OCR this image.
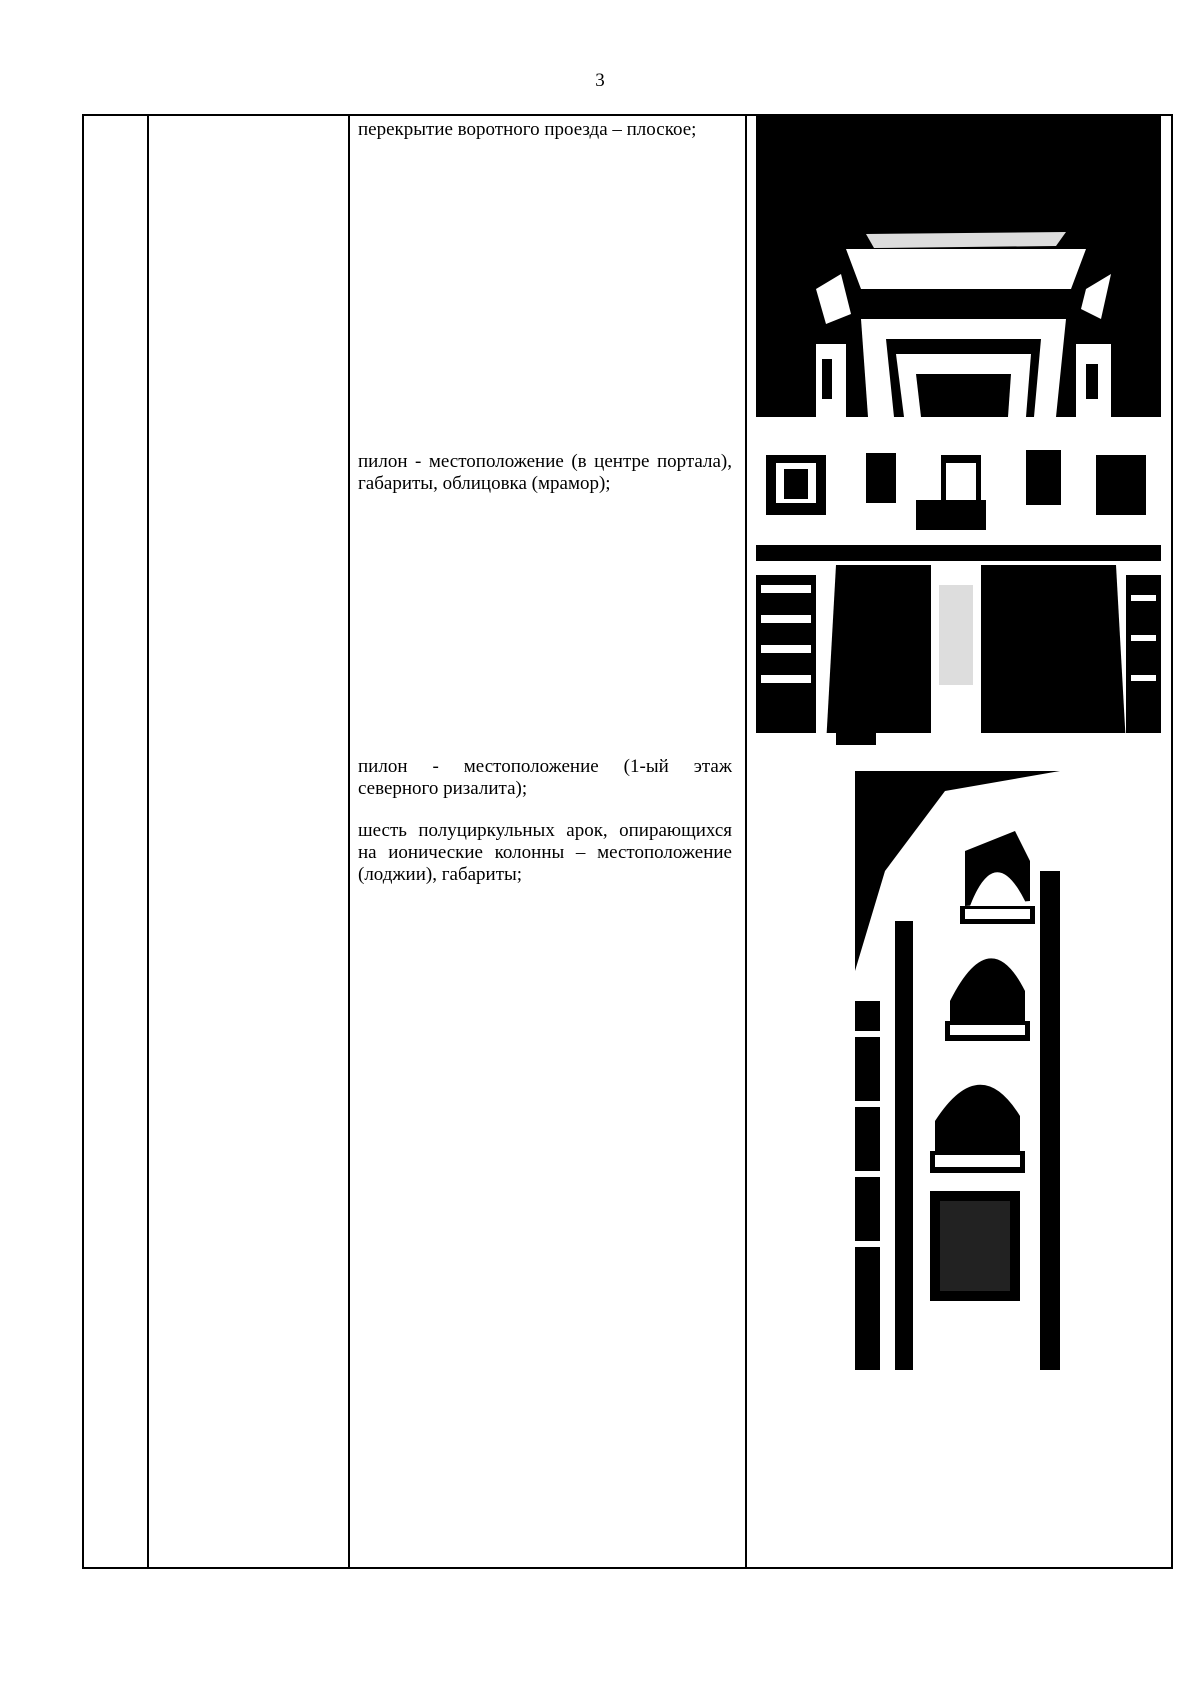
3

перекрытие воротного проезда – плоское;

пилон - местоположение (в центре портала), габариты, облицовка (мрамор);

пилон - местоположение (1-ый этаж северного ризалита);

шесть полуциркульных арок, опирающихся на ионические колонны – местоположение (лоджии), габариты;
